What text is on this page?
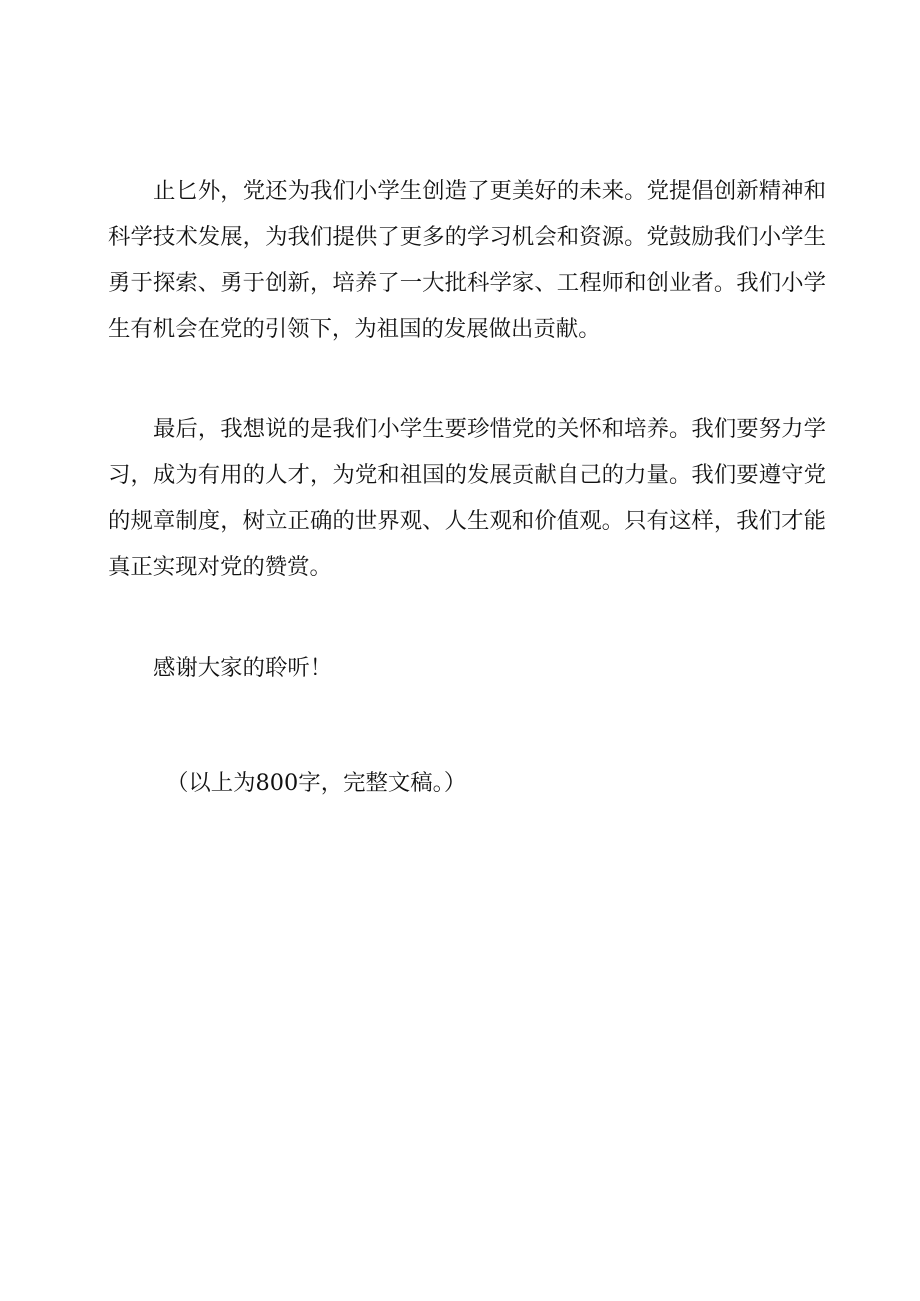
止匕外，党还为我们小学生创造了更美好的未来。党提倡创新精神和科学技术发展，为我们提供了更多的学习机会和资源。党鼓励我们小学生勇于探索、勇于创新，培养了一大批科学家、工程师和创业者。我们小学生有机会在党的引领下，为祖国的发展做出贡献。

最后，我想说的是我们小学生要珍惜党的关怀和培养。我们要努力学习，成为有用的人才，为党和祖国的发展贡献自己的力量。我们要遵守党的规章制度，树立正确的世界观、人生观和价值观。只有这样，我们才能真正实现对党的赞赏。

感谢大家的聆听！

（以上为800字，完整文稿。）
